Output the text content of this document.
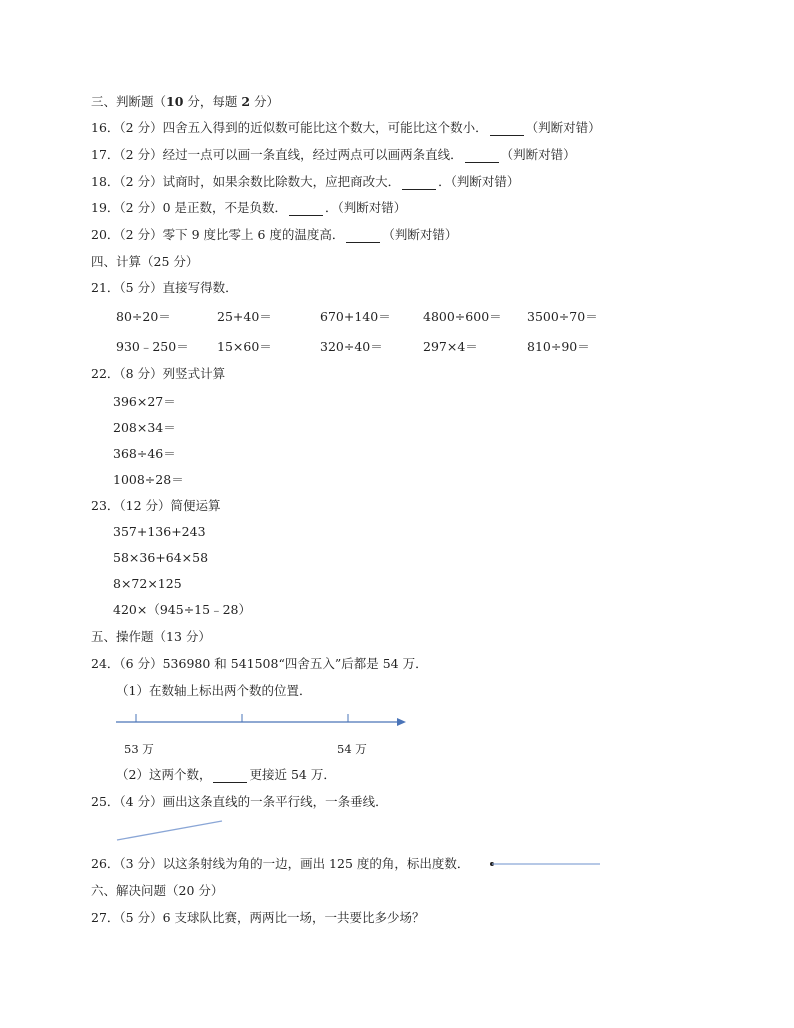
三、判断题（10 分，每题 2 分）
16．（2 分）四舍五入得到的近似数可能比这个数大，可能比这个数小．	（判断对错）
17．（2 分）经过一点可以画一条直线，经过两点可以画两条直线．	（判断对错）
18．（2 分）试商时，如果余数比除数大，应把商改大．	．（判断对错）
19．（2 分）0 是正数，不是负数．	．（判断对错）
20．（2 分）零下 9 度比零上 6 度的温度高．	（判断对错）
四、计算（25 分）
21．（5 分）直接写得数．
80÷20＝	25+40＝	670+140＝	4800÷600＝ 3500÷70＝
930﹣250＝ 15×60＝	320÷40＝	297×4＝	810÷90＝
22．（8 分）列竖式计算
396×27＝
208×34＝
368÷46＝
1008÷28＝
23．（12 分）简便运算
357+136+243
58×36+64×58
8×72×125
420×（945÷15﹣28）
五、操作题（13 分）
24．（6 分）536980 和 541508“四舍五入”后都是 54 万．
（1）在数轴上标出两个数的位置．
53 万	54 万
（2）这两个数，	更接近 54 万．
25．（4 分）画出这条直线的一条平行线，一条垂线．
26．（3 分）以这条射线为角的一边，画出 125 度的角，标出度数．
六、解决问题（20 分）
27．（5 分）6 支球队比赛，两两比一场，一共要比多少场？
